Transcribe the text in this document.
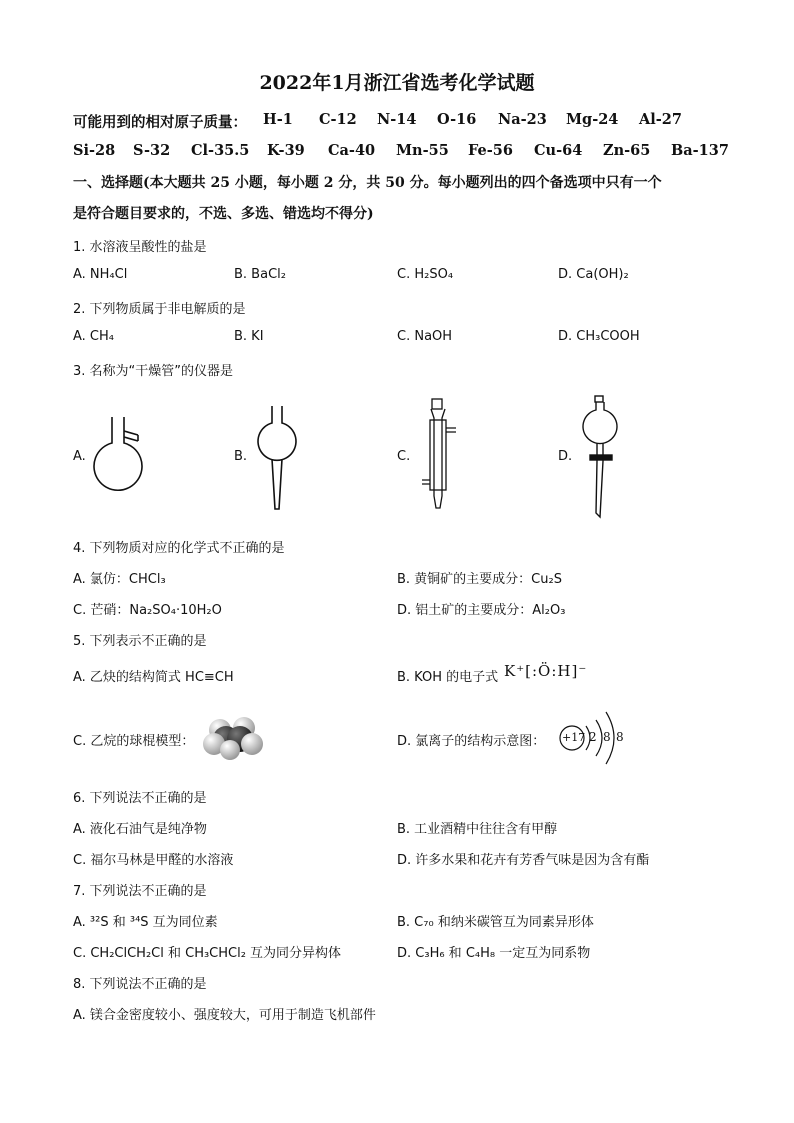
2022年1月浙江省选考化学试题
可能用到的相对原子质量： H-1 C-12 N-14 O-16 Na-23 Mg-24 Al-27
Si-28 S-32 Cl-35.5 K-39 Ca-40 Mn-55 Fe-56 Cu-64 Zn-65 Ba-137
一、选择题(本大题共 25 小题，每小题 2 分，共 50 分。每小题列出的四个备选项中只有一个
是符合题目要求的，不选、多选、错选均不得分)
1. 水溶液呈酸性的盐是
A. NH₄Cl	B. BaCl₂	C. H₂SO₄	D. Ca(OH)₂
2. 下列物质属于非电解质的是
A. CH₄	B. KI	C. NaOH	D. CH₃COOH
3. 名称为“干燥管”的仪器是
A.	B.	C.	D.
4. 下列物质对应的化学式不正确的是
A. 氯仿：CHCl₃	B. 黄铜矿的主要成分：Cu₂S
C. 芒硝：Na₂SO₄·10H₂O	D. 铝土矿的主要成分：Al₂O₃
5. 下列表示不正确的是
A. 乙炔的结构简式 HC≡CH	B. KOH 的电子式 K⁺[:Ö:H]⁻
C. 乙烷的球棍模型：	D. 氯离子的结构示意图： +17 2 8 8
6. 下列说法不正确的是
A. 液化石油气是纯净物	B. 工业酒精中往往含有甲醇
C. 福尔马林是甲醛的水溶液	D. 许多水果和花卉有芳香气味是因为含有酯
7. 下列说法不正确的是
A. ³²S 和 ³⁴S 互为同位素	B. C₇₀ 和纳米碳管互为同素异形体
C. CH₂ClCH₂Cl 和 CH₃CHCl₂ 互为同分异构体	D. C₃H₆ 和 C₄H₈ 一定互为同系物
8. 下列说法不正确的是
A. 镁合金密度较小、强度较大，可用于制造飞机部件
